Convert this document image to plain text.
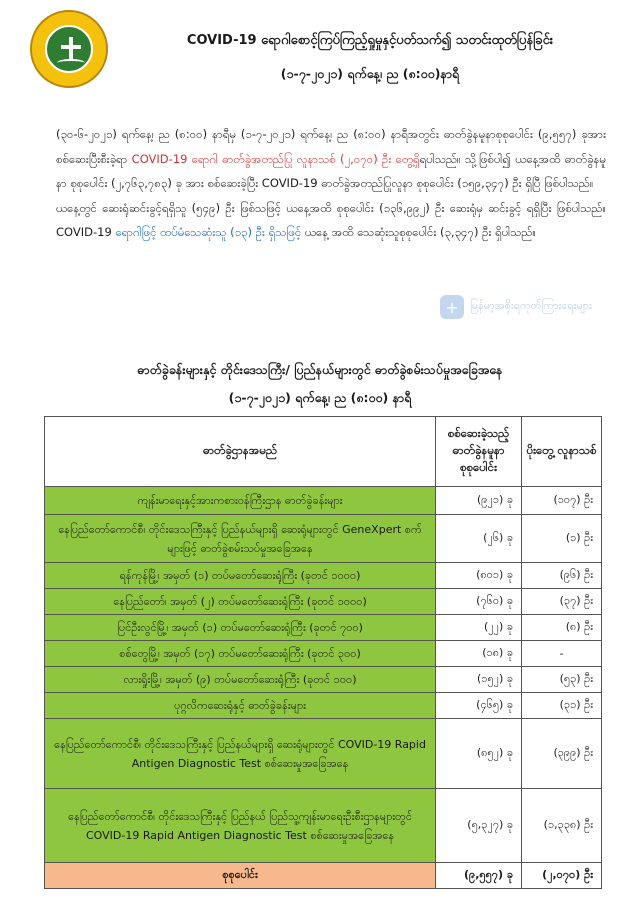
COVID-19 ရောဂါစောင့်ကြပ်ကြည့်ရှုမှုနှင့်ပတ်သက်၍ သတင်းထုတ်ပြန်ခြင်း
(၁-၇-၂၀၂၁) ရက်နေ့၊ ည (၈:၀၀)နာရီ
(၃၀-၆-၂၀၂၁) ရက်နေ့၊ ည (၈:၀၀) နာရီမှ (၁-၇-၂၀၂၁) ရက်နေ့၊ ည (၈:၀၀) နာရီအတွင်း ဓာတ်ခွဲနမူနာစုစုပေါင်း (၉,၅၅၇) ခုအား စစ်ဆေးပြီးစီးခဲ့ရာ COVID-19 ရောဂါ ဓာတ်ခွဲအတည်ပြု လူနာသစ် (၂,၀၇၀) ဦး တွေ့ရှိရပါသည်။ သို့ဖြစ်ပါ၍ ယနေ့အထိ ဓာတ်ခွဲနမူနာ စုစုပေါင်း (၂,၇၆၃,၇၈၃) ခု အား စစ်ဆေးခဲ့ပြီး COVID-19 ဓာတ်ခွဲအတည်ပြုလူနာ စုစုပေါင်း (၁၅၉,၃၄၇) ဦး ရှိပြီ ဖြစ်ပါသည်။
ယနေ့တွင် ဆေးရုံဆင်းခွင့်ရရှိသူ (၅၄၉) ဦး ဖြစ်သဖြင့် ယနေ့အထိ စုစုပေါင်း (၁၃၆,၉၉၂) ဦး ဆေးရုံမှ ဆင်းခွင့် ရရှိပြီး ဖြစ်ပါသည်။ COVID-19 ရောဂါဖြင့် ထပ်မံသေဆုံးသူ (၁၃) ဦး ရှိသဖြင့် ယနေ့ အထိ သေဆုံးသူစုစုပေါင်း (၃,၃၄၇) ဦး ရှိပါသည်။
+	မြန်မာ့အစိုးရကုတ်ကြားရေးများ
ဓာတ်ခွဲခန်းများနှင့် တိုင်းဒေသကြီး/ ပြည်နယ်များတွင် ဓာတ်ခွဲစမ်းသပ်မှုအခြေအနေ
(၁-၇-၂၀၂၁) ရက်နေ့၊ ည (၈:၀၀) နာရီ
ဓာတ်ခွဲဌာနအမည်	စစ်ဆေးခဲ့သည့် ဓာတ်ခွဲနမူနာ စုစုပေါင်း	ပိုးတွေ့ လူနာသစ်
ကျန်းမာရေးနှင့်အားကစားဝန်ကြီးဌာန ဓာတ်ခွဲခန်းများ	(၉၂၁) ခု	(၁၀၇) ဦး
နေပြည်တော်ကောင်စီ၊ တိုင်းဒေသကြီးနှင့် ပြည်နယ်များရှိ ဆေးရုံများတွင် GeneXpert စက်များဖြင့် ဓာတ်ခွဲစမ်းသပ်မှုအခြေအနေ	(၂၆) ခု	(၁) ဦး
ရန်ကုန်မြို့၊ အမှတ် (၁) တပ်မတော်ဆေးရုံကြီး (ခုတင် ၁၀၀၀)	(၈၀၁) ခု	(၉၆) ဦး
နေပြည်တော်၊ အမှတ် (၂) တပ်မတော်ဆေးရုံကြီး (ခုတင် ၁၀၀၀)	(၇၆၀) ခု	(၃၇) ဦး
ပြင်ဦးလွင်မြို့၊ အမှတ် (၁) တပ်မတော်ဆေးရုံကြီး (ခုတင် ၇၀၀)	(၂၂) ခု	(၈) ဦး
စစ်တွေမြို့၊ အမှတ် (၁၇) တပ်မတော်ဆေးရုံကြီး (ခုတင် ၃၀၀)	(၁၈) ခု	-
လားရှိုးမြို့၊ အမှတ် (၉) တပ်မတော်ဆေးရုံကြီး (ခုတင် ၁၀၀)	(၁၅၂) ခု	(၅၃) ဦး
ပုဂ္ဂလိကဆေးရုံနှင့် ဓာတ်ခွဲခန်းများ	(၄၆၅) ခု	(၃၁) ဦး
နေပြည်တော်ကောင်စီ၊ တိုင်းဒေသကြီးနှင့် ပြည်နယ်များရှိ ဆေးရုံများတွင် COVID-19 Rapid Antigen Diagnostic Test စစ်ဆေးမှုအခြေအနေ	(၈၅၂) ခု	(၃၉၉) ဦး
နေပြည်တော်ကောင်စီ၊ တိုင်းဒေသကြီးနှင့် ပြည်နယ် ပြည်သူ့ကျန်းမာရေးဦးစီးဌာနများတွင် COVID-19 Rapid Antigen Diagnostic Test စစ်ဆေးမှုအခြေအနေ	(၅,၃၂၇) ခု	(၁,၃၃၈) ဦး
စုစုပေါင်း	(၉,၅၅၇) ခု	(၂,၀၇၀) ဦး
